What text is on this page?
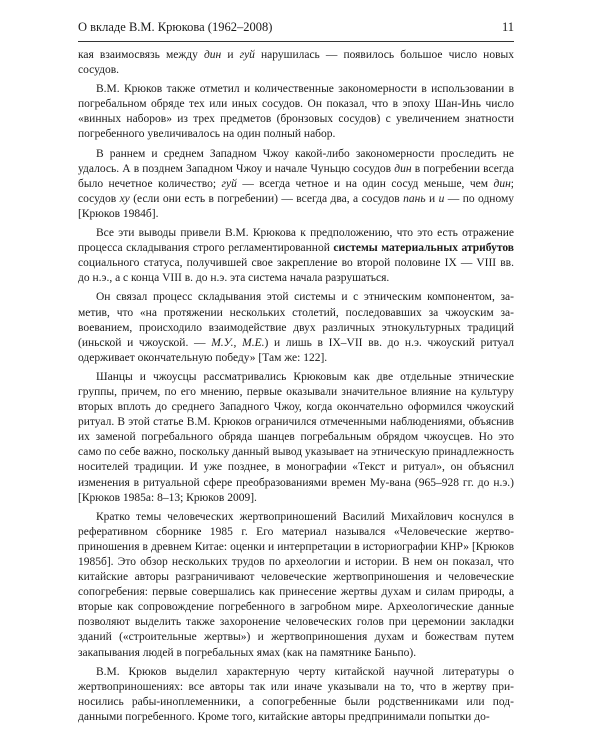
О вкладе В.М. Крюкова (1962–2008)	11

кая взаимосвязь между дин и гуй нарушилась — появилось большое число новых сосудов.

В.М. Крюков также отметил и количественные закономерности в использовании в погребальном обряде тех или иных сосудов. Он показал, что в эпоху Шан-Инь число «винных наборов» из трех предметов (бронзовых сосудов) с увеличением знатности погребенного увеличивалось на один полный набор.

В раннем и среднем Западном Чжоу какой-либо закономерности проследить не удалось. А в позднем Западном Чжоу и начале Чуньцю сосудов дин в погребении всегда было нечетное количество; гуй — всегда четное и на один сосуд меньше, чем дин; сосудов ху (если они есть в погребении) — всегда два, а сосудов пань и и — по одному [Крюков 1984б].

Все эти выводы привели В.М. Крюкова к предположению, что это есть отражение процесса складывания строго регламентированной системы материальных атрибутов социального статуса, получившей свое закрепление во второй половине IX — VIII вв. до н.э., а с конца VIII в. до н.э. эта система начала разрушаться.

Он связал процесс складывания этой системы и с этническим компонентом, заметив, что «на протяжении нескольких столетий, последовавших за чжоуским завоеванием, происходило взаимодействие двух различных этнокультурных традиций (иньской и чжоуской. — М.У., М.Е.) и лишь в IX–VII вв. до н.э. чжоуский ритуал одерживает окончательную победу» [Там же: 122].

Шанцы и чжоусцы рассматривались Крюковым как две отдельные этнические группы, причем, по его мнению, первые оказывали значительное влияние на культуру вторых вплоть до среднего Западного Чжоу, когда окончательно оформился чжоуский ритуал. В этой статье В.М. Крюков ограничился отмеченными наблюдениями, объяснив их заменой погребального обряда шанцев погребальным обрядом чжоусцев. Но это само по себе важно, поскольку данный вывод указывает на этническую принадлежность носителей традиции. И уже позднее, в монографии «Текст и ритуал», он объяснил изменения в ритуальной сфере преобразованиями времен Му-вана (965–928 гг. до н.э.) [Крюков 1985а: 8–13; Крюков 2009].

Кратко темы человеческих жертвоприношений Василий Михайлович коснулся в реферативном сборнике 1985 г. Его материал назывался «Человеческие жертвоприношения в древнем Китае: оценки и интерпретации в историографии КНР» [Крюков 1985б]. Это обзор нескольких трудов по археологии и истории. В нем он показал, что китайские авторы разграничивают человеческие жертвоприношения и человеческие сопогребения: первые совершались как принесение жертвы духам и силам природы, а вторые как сопровождение погребенного в загробном мире. Археологические данные позволяют выделить также захоронение человеческих голов при церемонии закладки зданий («строительные жертвы») и жертвоприношения духам и божествам путем закапывания людей в погребальных ямах (как на памятнике Баньпо).

В.М. Крюков выделил характерную черту китайской научной литературы о жертвоприношениях: все авторы так или иначе указывали на то, что в жертву приносились рабы-иноплеменники, а сопогребенные были родственниками или подданными погребенного. Кроме того, китайские авторы предпринимали попытки до-
